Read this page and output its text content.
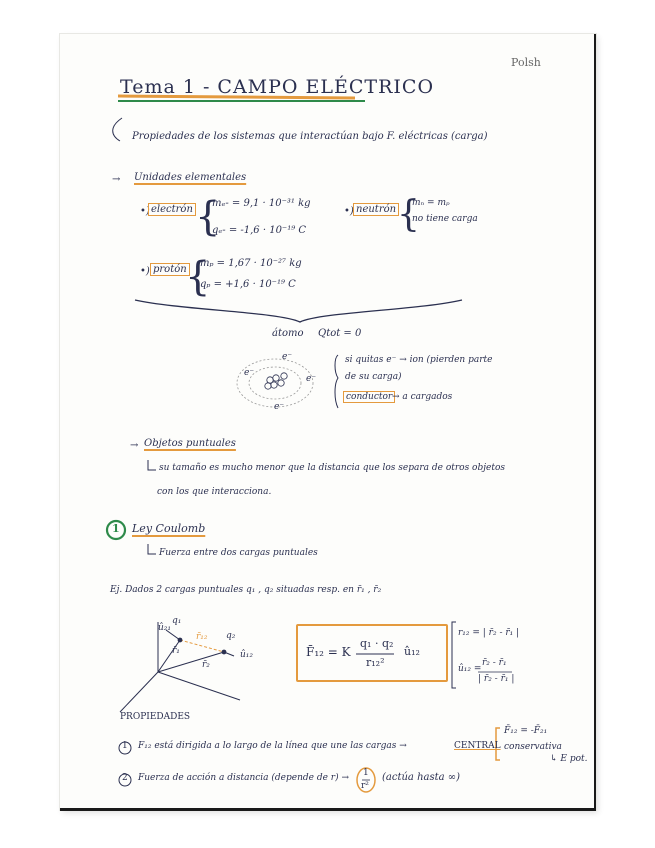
Polsh
Tema 1 - CAMPO ELÉCTRICO
Propiedades de los sistemas que interactúan bajo F. eléctricas (carga)
→ Unidades elementales
•) electrón {
mₑ- = 9,1 · 10⁻³¹ kg
qₑ- = -1,6 · 10⁻¹⁹ C
•) neutrón {
mₙ = mₚ
no tiene carga
•) protón
{
mₚ = 1,67 · 10⁻²⁷ kg
qₚ = +1,6 · 10⁻¹⁹ C
átomo Qtot = 0
si quitas e⁻ → ion (pierden parte
de su carga)
conductor → a cargados
e⁻
e⁻
e⁻
e⁻
→ Objetos puntuales
su tamaño es mucho menor que la distancia que los separa de otros objetos
con los que interacciona.
1 Ley Coulomb
Fuerza entre dos cargas puntuales
Ej. Dados 2 cargas puntuales q₁ , q₂ situadas resp. en r̄₁ , r̄₂
q₁
q₂
û₂₁
û₁₂
r̄₁₂
r̄₁
r̄₂
F̄₁₂ = K
q₁ · q₂
r₁₂²
û₁₂
r₁₂ = | r̄₂ - r̄₁ |
û₁₂ =
r̄₂ - r̄₁
| r̄₂ - r̄₁ |
PROPIEDADES
1 F₁₂ está dirigida a lo largo de la línea que une las cargas →	CENTRAL
F̄₁₂ = -F̄₂₁
conservativa
↳ E pot.
2 Fuerza de acción a distancia (depende de r) → 1
r²
(actúa hasta ∞)
